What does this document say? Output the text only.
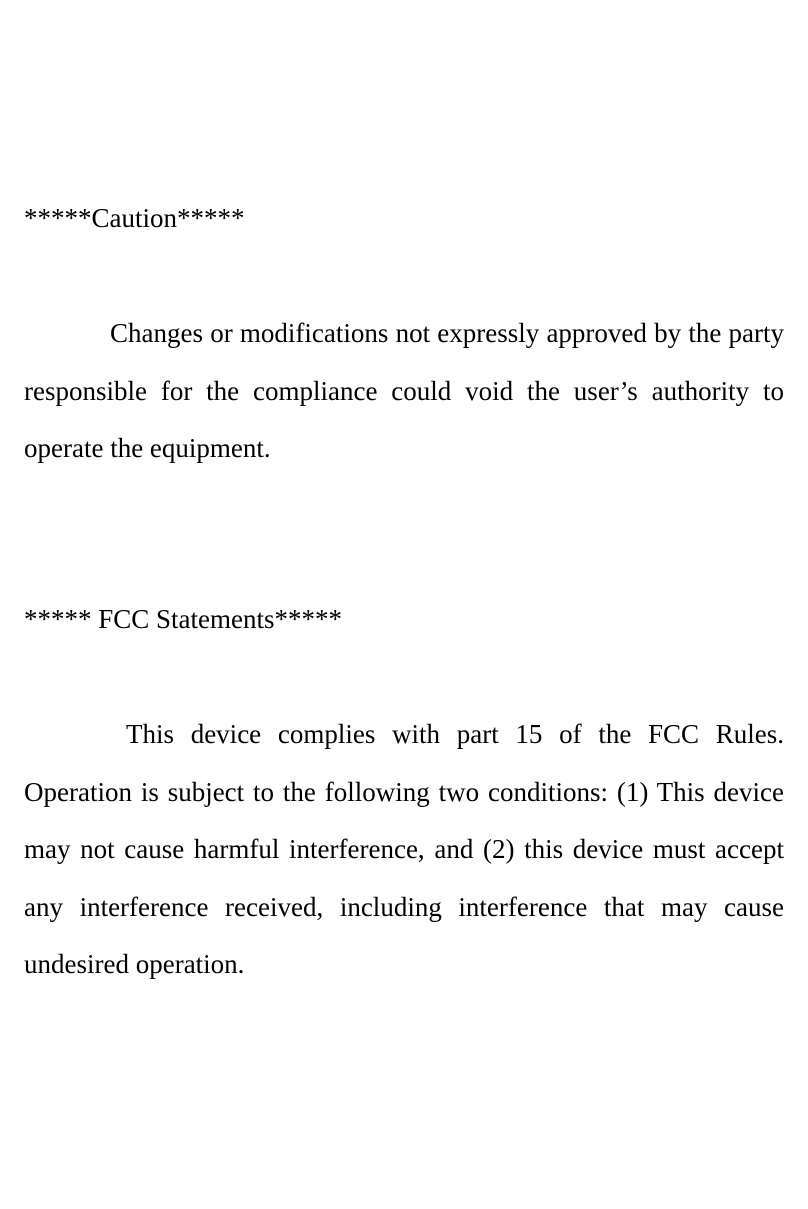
*****Caution*****

Changes or modifications not expressly approved by the party responsible for the compliance could void the user’s authority to operate the equipment.

***** FCC Statements*****

This device complies with part 15 of the FCC Rules. Operation is subject to the following two conditions: (1) This device may not cause harmful interference, and (2) this device must accept any interference received, including interference that may cause undesired operation.
